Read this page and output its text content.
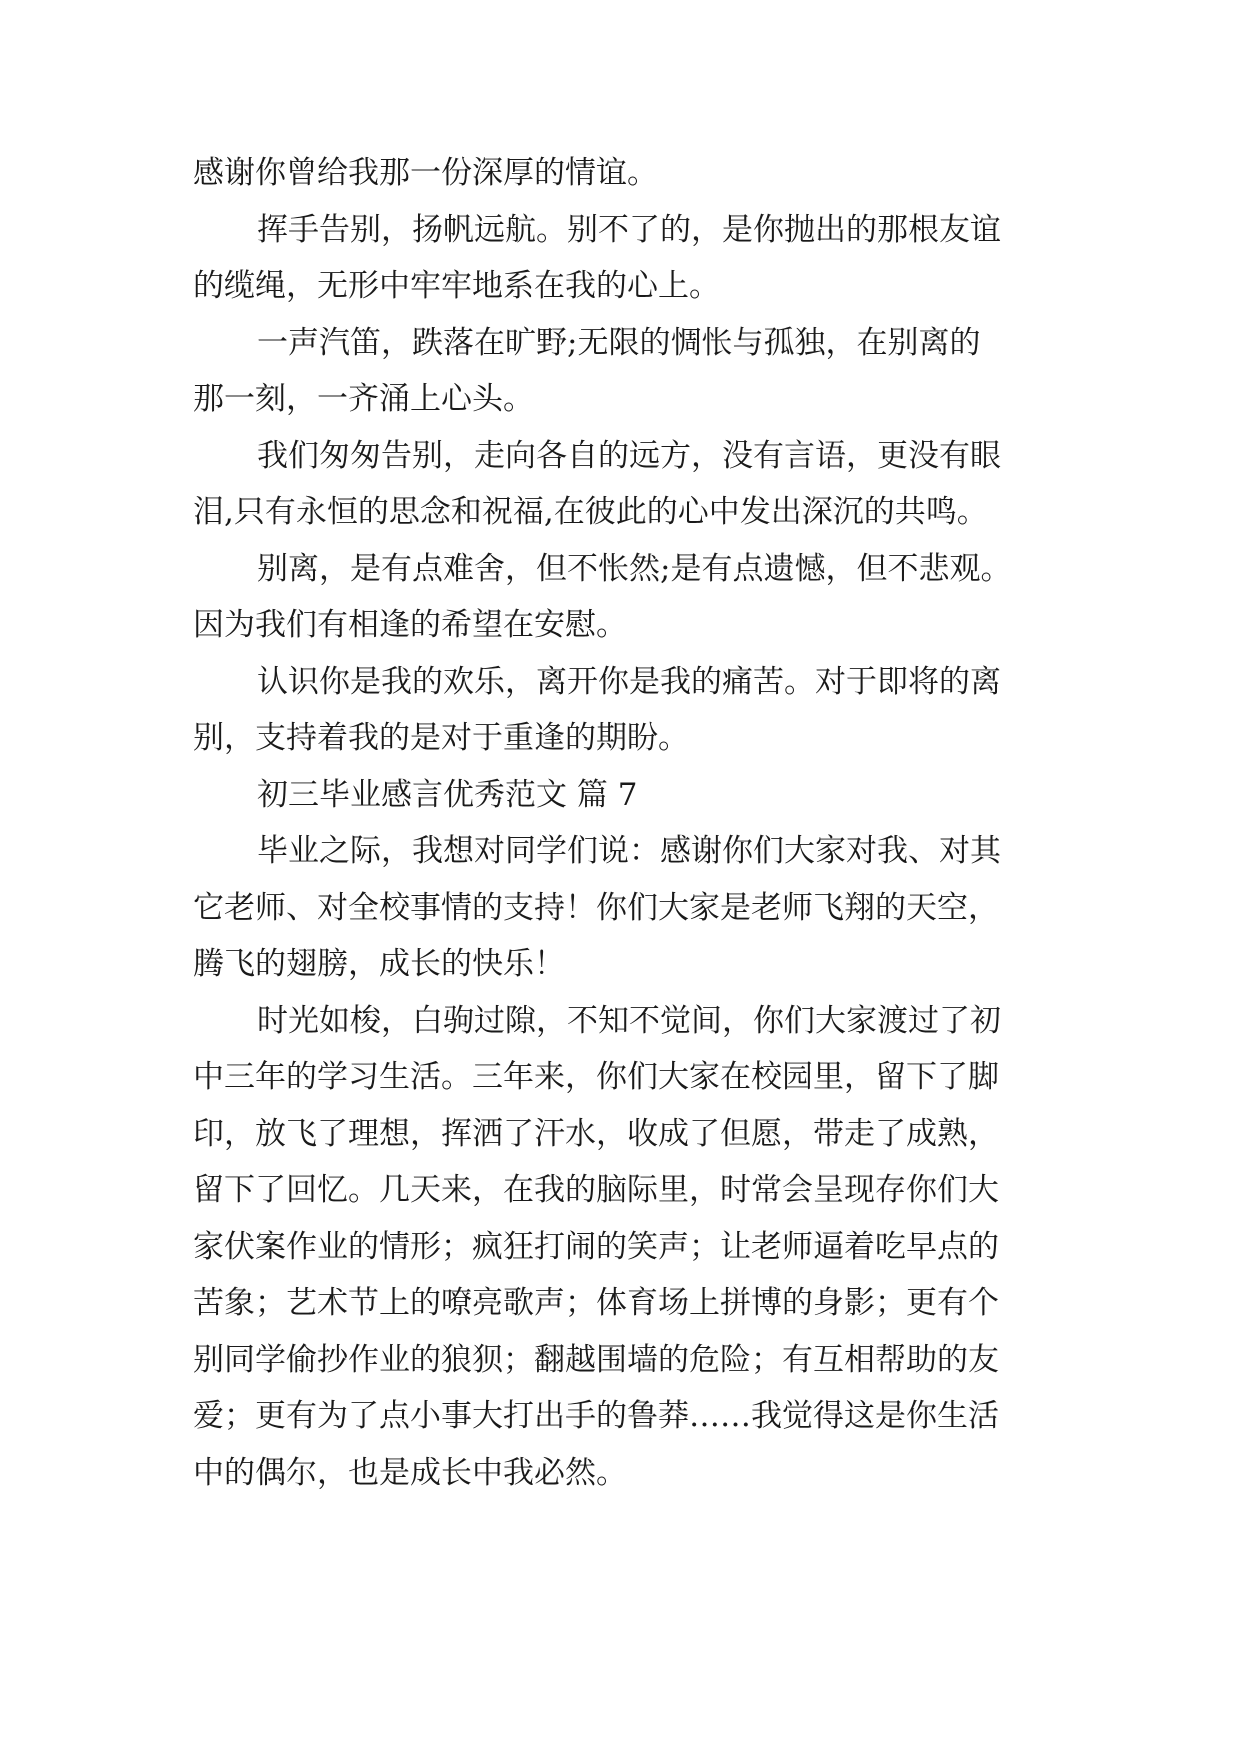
感谢你曾给我那一份深厚的情谊。
挥手告别，扬帆远航。别不了的，是你抛出的那根友谊
的缆绳，无形中牢牢地系在我的心上。
一声汽笛，跌落在旷野;无限的惆怅与孤独，在别离的
那一刻，一齐涌上心头。
我们匆匆告别，走向各自的远方，没有言语，更没有眼
泪,只有永恒的思念和祝福,在彼此的心中发出深沉的共鸣。
别离，是有点难舍，但不怅然;是有点遗憾，但不悲观。
因为我们有相逢的希望在安慰。
认识你是我的欢乐，离开你是我的痛苦。对于即将的离
别，支持着我的是对于重逢的期盼。
初三毕业感言优秀范文 篇 7
毕业之际，我想对同学们说：感谢你们大家对我、对其
它老师、对全校事情的支持！你们大家是老师飞翔的天空，
腾飞的翅膀，成长的快乐！
时光如梭，白驹过隙，不知不觉间，你们大家渡过了初
中三年的学习生活。三年来，你们大家在校园里，留下了脚
印，放飞了理想，挥洒了汗水，收成了但愿，带走了成熟，
留下了回忆。几天来，在我的脑际里，时常会呈现存你们大
家伏案作业的情形；疯狂打闹的笑声；让老师逼着吃早点的
苦象；艺术节上的嘹亮歌声；体育场上拼博的身影；更有个
别同学偷抄作业的狼狈；翻越围墙的危险；有互相帮助的友
爱；更有为了点小事大打出手的鲁莽……我觉得这是你生活
中的偶尔，也是成长中我必然。
